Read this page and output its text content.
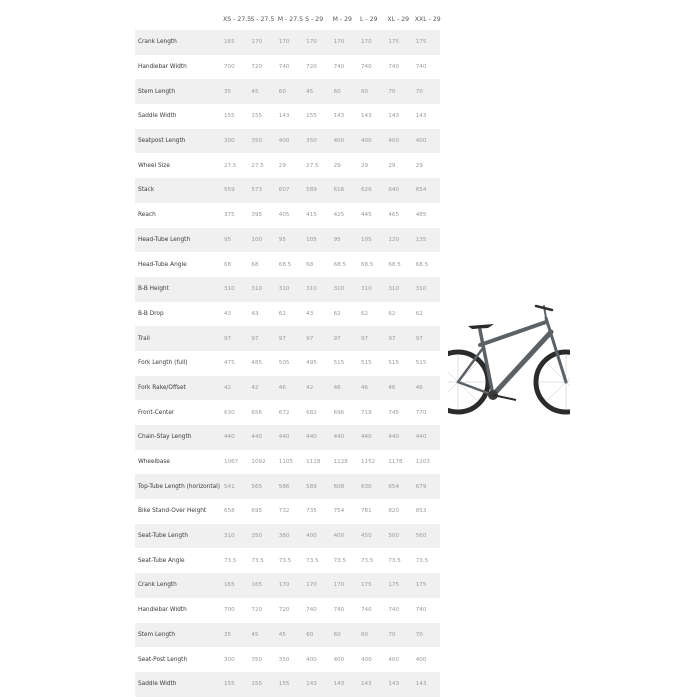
	XS - 27.5	S - 27.5	M - 27.5	S - 29	M - 29	L - 29	XL - 29	XXL - 29
Crank Length	165	170	170	170	170	170	175	175
Handlebar Width	700	720	740	720	740	740	740	740
Stem Length	35	45	60	45	60	60	70	70
Saddle Width	155	155	143	155	143	143	143	143
Seatpost Length	300	350	400	350	400	400	400	400
Wheel Size	27.5	27.5	29	27.5	29	29	29	29
Stack	559	573	607	589	616	626	640	654
Reach	375	395	405	415	425	445	465	485
Head-Tube Length	95	100	95	105	95	105	120	135
Head-Tube Angle	68	68	68.5	68	68.5	68.5	68.5	68.5
B-B Height	310	310	310	310	310	310	310	310
B-B Drop	43	43	62	43	62	62	62	62
Trail	97	97	97	97	97	97	97	97
Fork Length (full)	475	485	505	495	515	515	515	515
Fork Rake/Offset	42	42	46	42	46	46	46	46
Front-Center	630	656	672	682	696	719	745	770
Chain-Stay Length	440	440	440	440	440	440	440	440
Wheelbase	1067	1092	1105	1118	1128	1152	1178	1203
Top-Tube Length (horizontal)	541	565	586	589	608	630	654	679
Bike Stand-Over Height	658	695	732	735	754	781	820	853
Seat-Tube Length	310	350	360	400	400	450	500	560
Seat-Tube Angle	73.5	73.5	73.5	73.5	73.5	73.5	73.5	73.5
Crank Length	165	165	170	170	170	175	175	175
Handlebar Width	700	720	720	740	740	740	740	740
Stem Length	35	45	45	60	60	60	70	70
Seat-Post Length	300	350	350	400	400	400	400	400
Saddle Width	155	155	155	143	143	143	143	143
